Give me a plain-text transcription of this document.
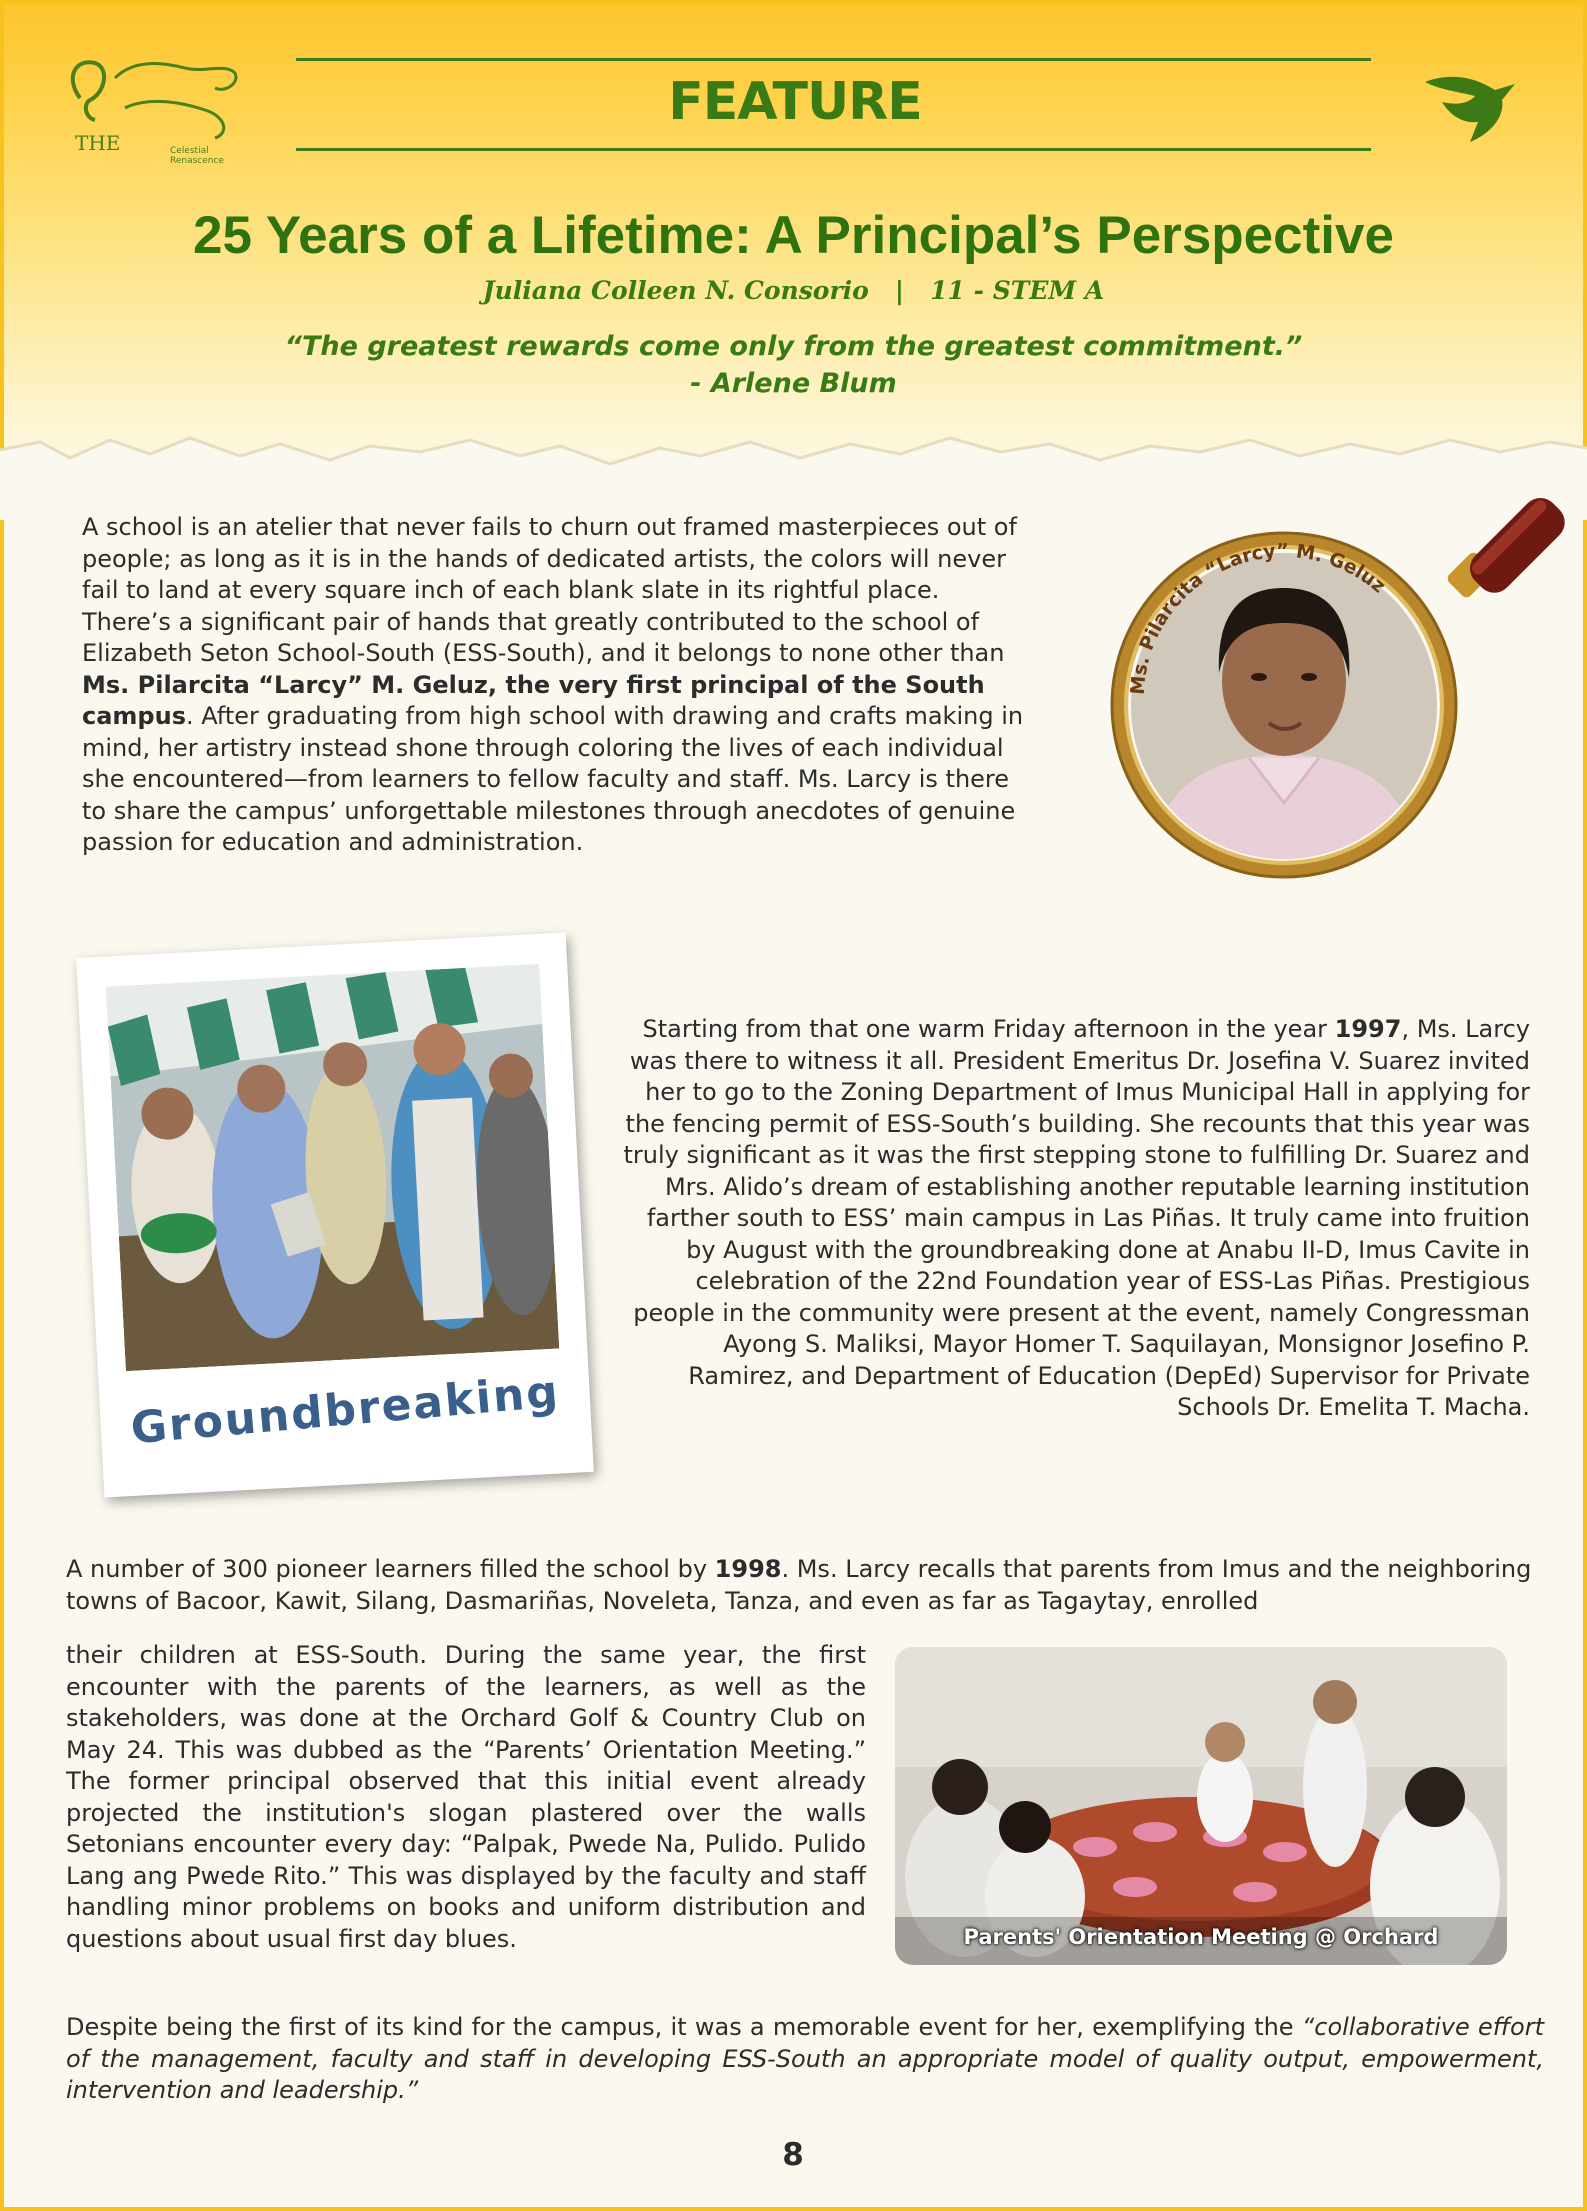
THE	Celestial
Renascence
FEATURE
25 Years of a Lifetime: A Principal’s Perspective
Juliana Colleen N. Consorio   |   11 - STEM A
“The greatest rewards come only from the greatest commitment.”
- Arlene Blum
A school is an atelier that never fails to churn out framed masterpieces out of people; as long as it is in the hands of dedicated artists, the colors will never fail to land at every square inch of each blank slate in its rightful place. There’s a significant pair of hands that greatly contributed to the school of Elizabeth Seton School-South (ESS-South), and it belongs to none other than Ms. Pilarcita “Larcy” M. Geluz, the very first principal of the South campus. After graduating from high school with drawing and crafts making in mind, her artistry instead shone through coloring the lives of each individual she encountered—from learners to fellow faculty and staff. Ms. Larcy is there to share the campus’ unforgettable milestones through anecdotes of genuine passion for education and administration.
Ms. Pilarcita “Larcy” M. Geluz
Groundbreaking
Starting from that one warm Friday afternoon in the year 1997, Ms. Larcy was there to witness it all. President Emeritus Dr. Josefina V. Suarez invited her to go to the Zoning Department of Imus Municipal Hall in applying for the fencing permit of ESS-South’s building. She recounts that this year was truly significant as it was the first stepping stone to fulfilling Dr. Suarez and Mrs. Alido’s dream of establishing another reputable learning institution farther south to ESS’ main campus in Las Piñas. It truly came into fruition by August with the groundbreaking done at Anabu II-D, Imus Cavite in celebration of the 22nd Foundation year of ESS-Las Piñas. Prestigious people in the community were present at the event, namely Congressman Ayong S. Maliksi, Mayor Homer T. Saquilayan, Monsignor Josefino P. Ramirez, and Department of Education (DepEd) Supervisor for Private Schools Dr. Emelita T. Macha.
A number of 300 pioneer learners filled the school by 1998. Ms. Larcy recalls that parents from Imus and the neighboring towns of Bacoor, Kawit, Silang, Dasmariñas, Noveleta, Tanza, and even as far as Tagaytay, enrolled
their children at ESS-South. During the same year, the first encounter with the parents of the learners, as well as the stakeholders, was done at the Orchard Golf & Country Club on May 24. This was dubbed as the “Parents’ Orientation Meeting.” The former principal observed that this initial event already projected the institution's slogan plastered over the walls Setonians encounter every day: “Palpak, Pwede Na, Pulido. Pulido Lang ang Pwede Rito.” This was displayed by the faculty and staff handling minor problems on books and uniform distribution and questions about usual first day blues.	Parents' Orientation Meeting @ Orchard
Despite being the first of its kind for the campus, it was a memorable event for her, exemplifying the “collaborative effort of the management, faculty and staff in developing ESS-South an appropriate model of quality output, empowerment, intervention and leadership.”
8
